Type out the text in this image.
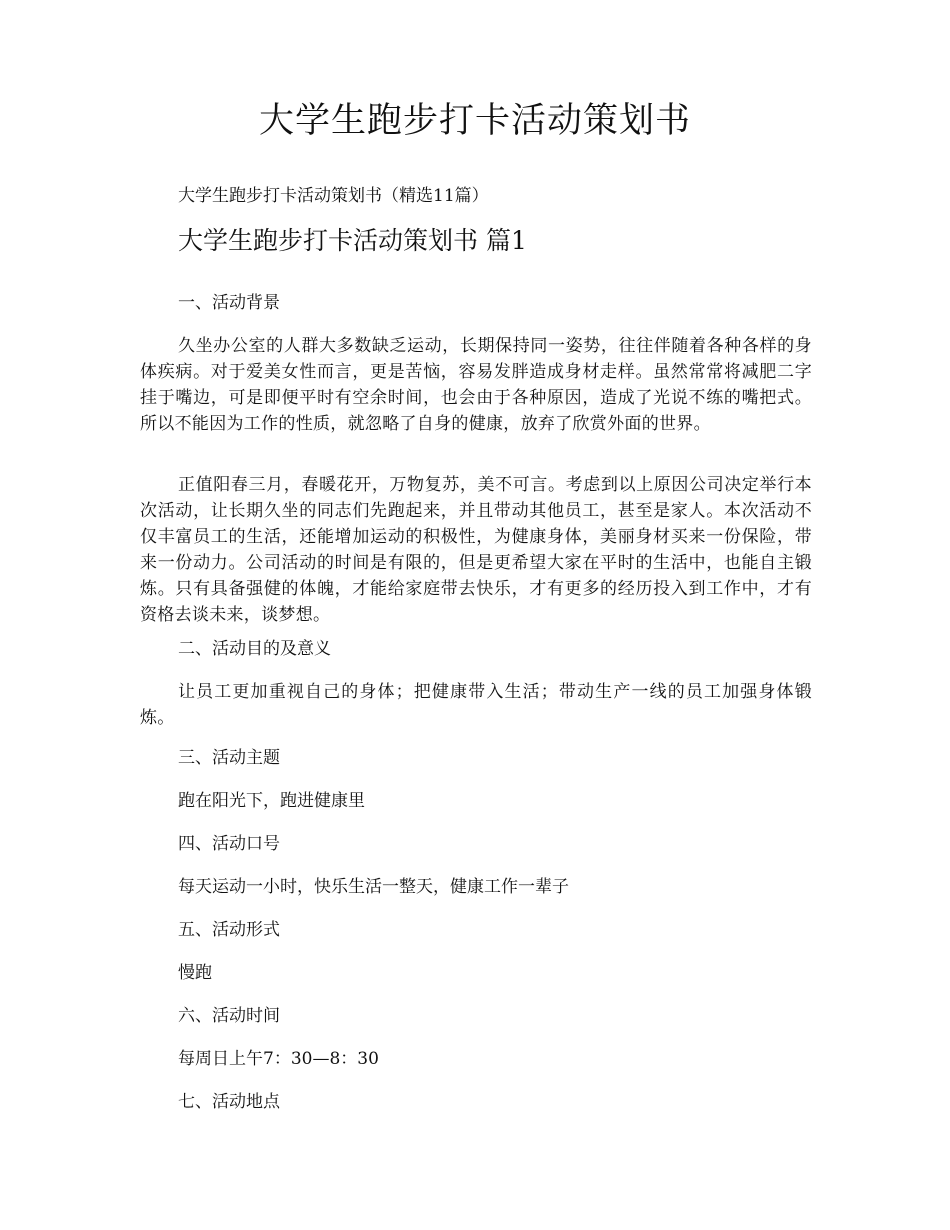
大学生跑步打卡活动策划书

大学生跑步打卡活动策划书（精选11篇）

大学生跑步打卡活动策划书 篇1

一、活动背景

久坐办公室的人群大多数缺乏运动，长期保持同一姿势，往往伴随着各种各样的身体疾病。对于爱美女性而言，更是苦恼，容易发胖造成身材走样。虽然常常将减肥二字挂于嘴边，可是即便平时有空余时间，也会由于各种原因，造成了光说不练的嘴把式。所以不能因为工作的性质，就忽略了自身的健康，放弃了欣赏外面的世界。

正值阳春三月，春暖花开，万物复苏，美不可言。考虑到以上原因公司决定举行本次活动，让长期久坐的同志们先跑起来，并且带动其他员工，甚至是家人。本次活动不仅丰富员工的生活，还能增加运动的积极性，为健康身体，美丽身材买来一份保险，带来一份动力。公司活动的时间是有限的，但是更希望大家在平时的生活中，也能自主锻炼。只有具备强健的体魄，才能给家庭带去快乐，才有更多的经历投入到工作中，才有资格去谈未来，谈梦想。

二、活动目的及意义

让员工更加重视自己的身体；把健康带入生活；带动生产一线的员工加强身体锻炼。

三、活动主题

跑在阳光下，跑进健康里

四、活动口号

每天运动一小时，快乐生活一整天，健康工作一辈子

五、活动形式

慢跑

六、活动时间

每周日上午7：30—8：30

七、活动地点
